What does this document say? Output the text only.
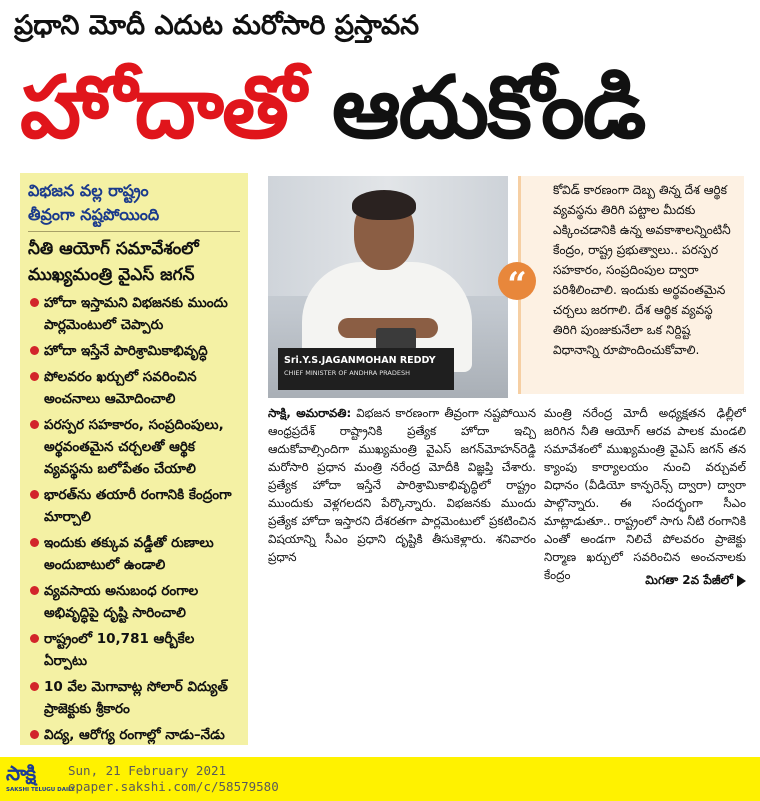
ప్రధాని మోదీ ఎదుట మరోసారి ప్రస్తావన
హోదాతో ఆదుకోండి
విభజన వల్ల రాష్ట్రం
తీవ్రంగా నష్టపోయింది
నీతి ఆయోగ్ సమావేశంలో
ముఖ్యమంత్రి వైఎస్ జగన్
హోదా ఇస్తామని విభజనకు ముందు పార్లమెంటులో చెప్పారు
హోదా ఇస్తేనే పారిశ్రామికాభివృద్ధి
పోలవరం ఖర్చులో సవరించిన అంచనాలు ఆమోదించాలి
పరస్పర సహకారం, సంప్రదింపులు, అర్థవంతమైన చర్చలతో ఆర్థిక వ్యవస్థను బలోపేతం చేయాలి
భారత్‌ను తయారీ రంగానికి కేంద్రంగా మార్చాలి
ఇందుకు తక్కువ వడ్డీతో రుణాలు అందుబాటులో ఉండాలి
వ్యవసాయ అనుబంధ రంగాల అభివృద్ధిపై దృష్టి సారించాలి
రాష్ట్రంలో 10,781 ఆర్బీకేల ఏర్పాటు
10 వేల మెగావాట్ల సోలార్ విద్యుత్ ప్రాజెక్టుకు శ్రీకారం
విద్య, ఆరోగ్య రంగాల్లో నాడు–నేడు
Sri.Y.S.JAGANMOHAN REDDY
CHIEF MINISTER OF ANDHRA PRADESH
కోవిడ్ కారణంగా దెబ్బ తిన్న దేశ ఆర్థిక వ్యవస్థను తిరిగి పట్టాల మీదకు ఎక్కించడానికి ఉన్న అవకాశాలన్నింటినీ కేంద్రం, రాష్ట్ర ప్రభుత్వాలు.. పరస్పర సహకారం, సంప్రదింపుల ద్వారా పరిశీలించాలి. ఇందుకు అర్థవంతమైన చర్చలు జరగాలి. దేశ ఆర్థిక వ్యవస్థ తిరిగి పుంజుకునేలా ఒక నిర్దిష్ట విధానాన్ని రూపొందించుకోవాలి.
“
సాక్షి, అమరావతి: విభజన కారణంగా తీవ్రంగా నష్టపోయిన ఆంధ్రప్రదేశ్ రాష్ట్రానికి ప్రత్యేక హోదా ఇచ్చి ఆదుకోవాల్సిందిగా ముఖ్యమంత్రి వైఎస్ జగన్‌మోహన్‌రెడ్డి మరోసారి ప్రధాన మంత్రి నరేంద్ర మోదీకి విజ్ఞప్తి చేశారు. ప్రత్యేక హోదా ఇస్తేనే పారిశ్రామికాభివృద్ధిలో రాష్ట్రం ముందుకు వెళ్లగలదని పేర్కొన్నారు. విభజనకు ముందు ప్రత్యేక హోదా ఇస్తారని దేశరతగా పార్లమెంటులో ప్రకటించిన విషయాన్ని సీఎం ప్రధాని దృష్టికి తీసుకెళ్లారు. శనివారం ప్రధాన
మంత్రి నరేంద్ర మోదీ అధ్యక్షతన ఢిల్లీలో జరిగిన నీతి ఆయోగ్ ఆరవ పాలక మండలి సమావేశంలో ముఖ్యమంత్రి వైఎస్ జగన్ తన క్యాంపు కార్యాలయం నుంచి వర్చువల్ విధానం (వీడియో కాన్ఫరెన్స్ ద్వారా) ద్వారా పాల్గొన్నారు. ఈ సందర్భంగా సీఎం మాట్లాడుతూ.. రాష్ట్రంలో సాగు నీటి రంగానికి ఎంతో అండగా నిలిచే పోలవరం ప్రాజెక్టు నిర్మాణ ఖర్చులో సవరించిన అంచనాలకు కేంద్రం	మిగతా 2వ పేజీలో
సాక్షి
SAKSHI TELUGU DAILY
Sun, 21 February 2021
epaper.sakshi.com/c/58579580
